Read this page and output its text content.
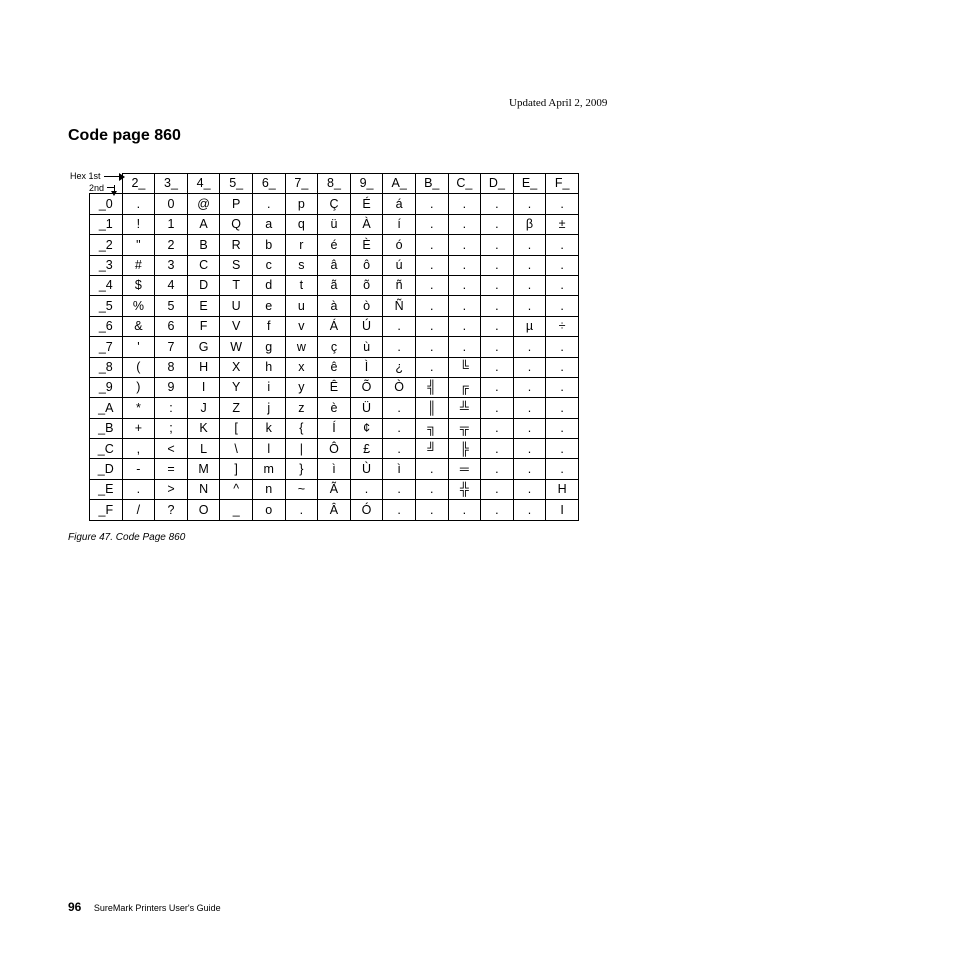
Updated April 2, 2009
Code page 860
Hex 1st
2nd
	2_	3_	4_	5_	6_	7_	8_	9_	A_	B_	C_	D_	E_	F_
_0	.	0	@	P	.	p	Ç	É	á	.	.	.	.	.
_1	!	1	A	Q	a	q	ü	À	í	.	.	.	β	±
_2	"	2	B	R	b	r	é	È	ó	.	.	.	.	.
_3	#	3	C	S	c	s	â	ô	ú	.	.	.	.	.
_4	$	4	D	T	d	t	ã	õ	ñ	.	.	.	.	.
_5	%	5	E	U	e	u	à	ò	Ñ	.	.	.	.	.
_6	&	6	F	V	f	v	Á	Ú	.	.	.	.	µ	÷
_7	'	7	G	W	g	w	ç	ù	.	.	.	.	.	.
_8	(	8	H	X	h	x	ê	Ì	¿	.	╚	.	.	.
_9	)	9	I	Y	i	y	Ê	Õ	Ò	╣	╔	.	.	.
_A	*	:	J	Z	j	z	è	Ü	.	║	╩	.	.	.
_B	+	;	K	[	k	{	Í	¢	.	╗	╦	.	.	.
_C	,	<	L	\	l	|	Ô	£	.	╝	╠	.	.	.
_D	-	=	M	]	m	}	ì	Ù	ì	.	═	.	.	.
_E	.	>	N	^	n	~	Ã	.	.	.	╬	.	.	H
_F	/	?	O	_	o	.	Â	Ó	.	.	.	.	.	I
Figure 47. Code Page 860
96 SureMark Printers User's Guide
